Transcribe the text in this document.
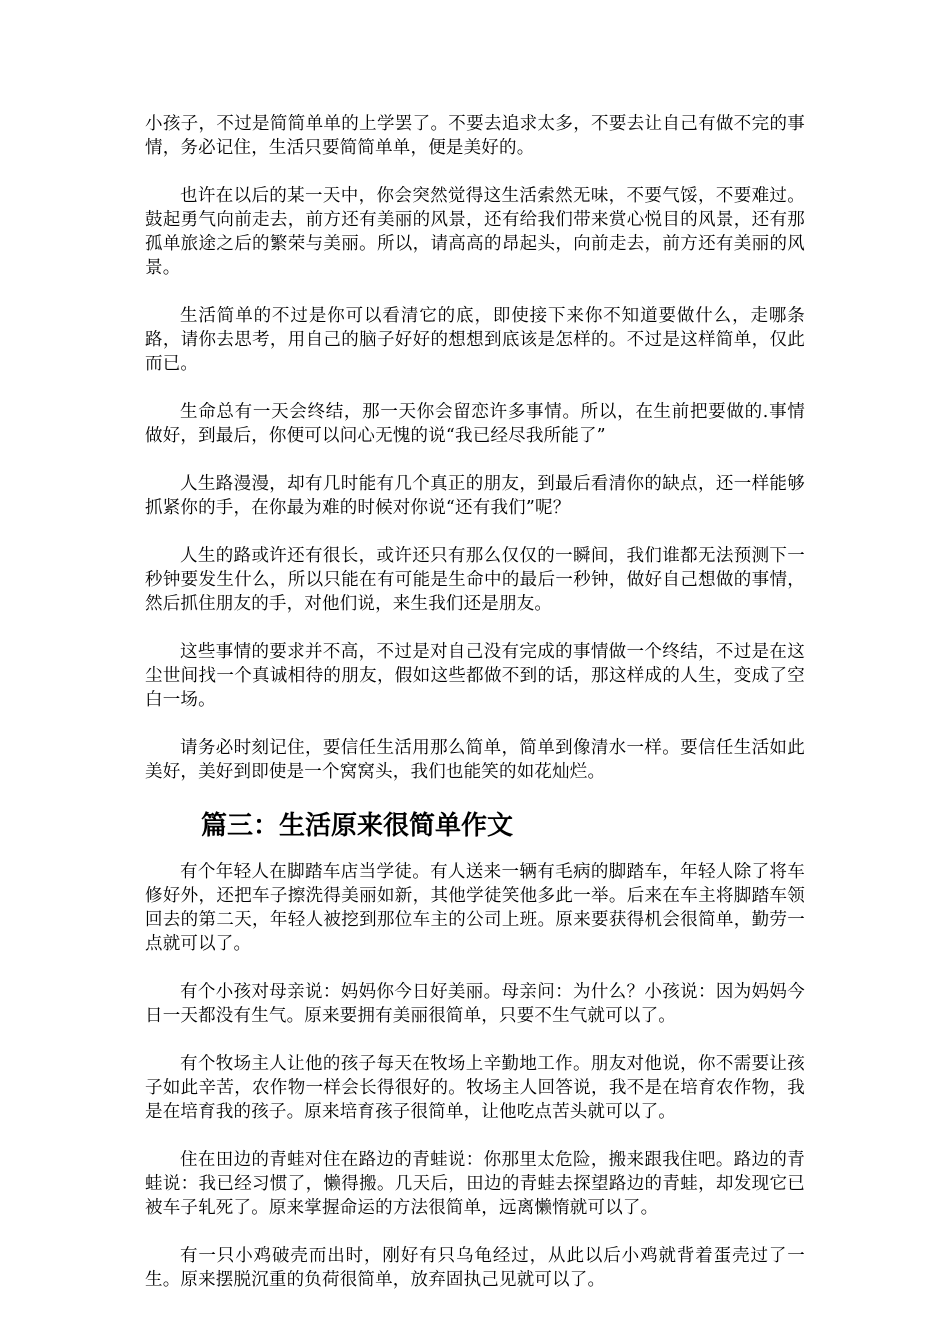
小孩子，不过是简简单单的上学罢了。不要去追求太多，不要去让自己有做不完的事情，务必记住，生活只要简简单单，便是美好的。

也许在以后的某一天中，你会突然觉得这生活索然无味，不要气馁，不要难过。鼓起勇气向前走去，前方还有美丽的风景，还有给我们带来赏心悦目的风景，还有那孤单旅途之后的繁荣与美丽。所以，请高高的昂起头，向前走去，前方还有美丽的风景。

生活简单的不过是你可以看清它的底，即使接下来你不知道要做什么，走哪条路，请你去思考，用自己的脑子好好的想想到底该是怎样的。不过是这样简单，仅此而已。

生命总有一天会终结，那一天你会留恋许多事情。所以，在生前把要做的.事情做好，到最后，你便可以问心无愧的说“我已经尽我所能了”

人生路漫漫，却有几时能有几个真正的朋友，到最后看清你的缺点，还一样能够抓紧你的手，在你最为难的时候对你说“还有我们”呢？

人生的路或许还有很长，或许还只有那么仅仅的一瞬间，我们谁都无法预测下一秒钟要发生什么，所以只能在有可能是生命中的最后一秒钟，做好自己想做的事情，然后抓住朋友的手，对他们说，来生我们还是朋友。

这些事情的要求并不高，不过是对自己没有完成的事情做一个终结，不过是在这尘世间找一个真诚相待的朋友，假如这些都做不到的话，那这样成的人生，变成了空白一场。

请务必时刻记住，要信任生活用那么简单，简单到像清水一样。要信任生活如此美好，美好到即使是一个窝窝头，我们也能笑的如花灿烂。

篇三：生活原来很简单作文

有个年轻人在脚踏车店当学徒。有人送来一辆有毛病的脚踏车，年轻人除了将车修好外，还把车子擦洗得美丽如新，其他学徒笑他多此一举。后来在车主将脚踏车领回去的第二天，年轻人被挖到那位车主的公司上班。原来要获得机会很简单，勤劳一点就可以了。

有个小孩对母亲说：妈妈你今日好美丽。母亲问：为什么？小孩说：因为妈妈今日一天都没有生气。原来要拥有美丽很简单，只要不生气就可以了。

有个牧场主人让他的孩子每天在牧场上辛勤地工作。朋友对他说，你不需要让孩子如此辛苦，农作物一样会长得很好的。牧场主人回答说，我不是在培育农作物，我是在培育我的孩子。原来培育孩子很简单，让他吃点苦头就可以了。

住在田边的青蛙对住在路边的青蛙说：你那里太危险，搬来跟我住吧。路边的青蛙说：我已经习惯了，懒得搬。几天后，田边的青蛙去探望路边的青蛙，却发现它已被车子轧死了。原来掌握命运的方法很简单，远离懒惰就可以了。

有一只小鸡破壳而出时，刚好有只乌龟经过，从此以后小鸡就背着蛋壳过了一生。原来摆脱沉重的负荷很简单，放弃固执己见就可以了。
